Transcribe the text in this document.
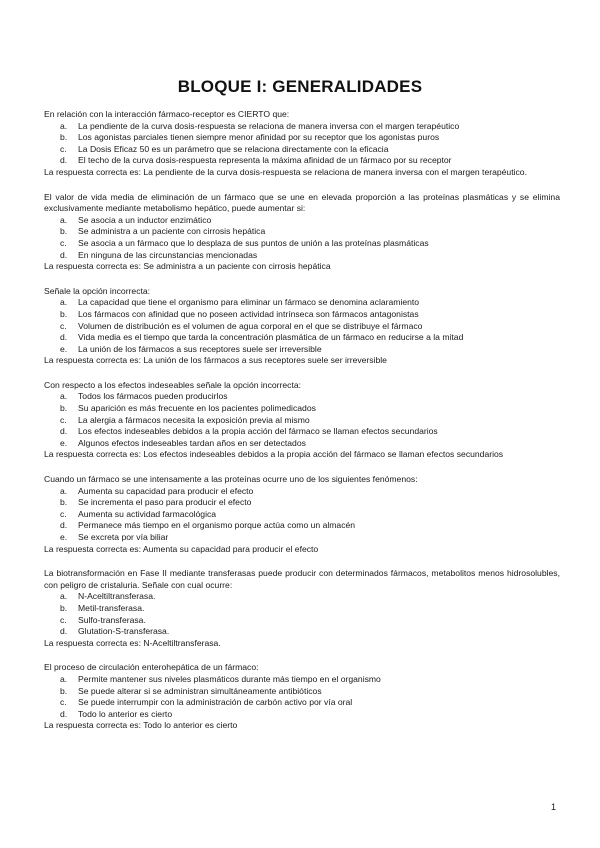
BLOQUE I: GENERALIDADES
En relación con la interacción fármaco-receptor es CIERTO que:
a.	La pendiente de la curva dosis-respuesta se relaciona de manera inversa con el margen terapéutico
b.	Los agonistas parciales tienen siempre menor afinidad por su receptor que los agonistas puros
c.	La Dosis Eficaz 50 es un parámetro que se relaciona directamente con la eficacia
d.	El techo de la curva dosis-respuesta representa la máxima afinidad de un fármaco por su receptor
La respuesta correcta es: La pendiente de la curva dosis-respuesta se relaciona de manera inversa con el margen terapéutico.
El valor de vida media de eliminación de un fármaco que se une en elevada proporción a las proteínas plasmáticas y se elimina exclusivamente mediante metabolismo hepático, puede aumentar si:
a.	Se asocia a un inductor enzimático
b.	Se administra a un paciente con cirrosis hepática
c.	Se asocia a un fármaco que lo desplaza de sus puntos de unión a las proteínas plasmáticas
d.	En ninguna de las circunstancias mencionadas
La respuesta correcta es: Se administra a un paciente con cirrosis hepática
Señale la opción incorrecta:
a.	La capacidad que tiene el organismo para eliminar un fármaco se denomina aclaramiento
b.	Los fármacos con afinidad que no poseen actividad intrínseca son fármacos antagonistas
c.	Volumen de distribución es el volumen de agua corporal en el que se distribuye el fármaco
d.	Vida media es el tiempo que tarda la concentración plasmática de un fármaco en reducirse a la mitad
e.	La unión de los fármacos a sus receptores suele ser irreversible
La respuesta correcta es: La unión de los fármacos a sus receptores suele ser irreversible
Con respecto a los efectos indeseables señale la opción incorrecta:
a.	Todos los fármacos pueden producirlos
b.	Su aparición es más frecuente en los pacientes polimedicados
c.	La alergia a fármacos necesita la exposición previa al mismo
d.	Los efectos indeseables debidos a la propia acción del fármaco se llaman efectos secundarios
e.	Algunos efectos indeseables tardan años en ser detectados
La respuesta correcta es: Los efectos indeseables debidos a la propia acción del fármaco se llaman efectos secundarios
Cuando un fármaco se une intensamente a las proteínas ocurre uno de los siguientes fenómenos:
a.	Aumenta su capacidad para producir el efecto
b.	Se incrementa el paso para producir el efecto
c.	Aumenta su actividad farmacológica
d.	Permanece más tiempo en el organismo porque actúa como un almacén
e.	Se excreta por vía biliar
La respuesta correcta es: Aumenta su capacidad para producir el efecto
La biotransformación en Fase II mediante transferasas puede producir con determinados fármacos, metabolitos menos hidrosolubles, con peligro de cristaluria. Señale con cual ocurre:
a.	N-Aceltiltransferasa.
b.	Metil-transferasa.
c.	Sulfo-transferasa.
d.	Glutation-S-transferasa.
La respuesta correcta es: N-Aceltiltransferasa.
El proceso de circulación enterohepática de un fármaco:
a.	Permite mantener sus niveles plasmáticos durante más tiempo en el organismo
b.	Se puede alterar si se administran simultáneamente antibióticos
c.	Se puede interrumpir con la administración de carbón activo por vía oral
d.	Todo lo anterior es cierto
La respuesta correcta es: Todo lo anterior es cierto
1
